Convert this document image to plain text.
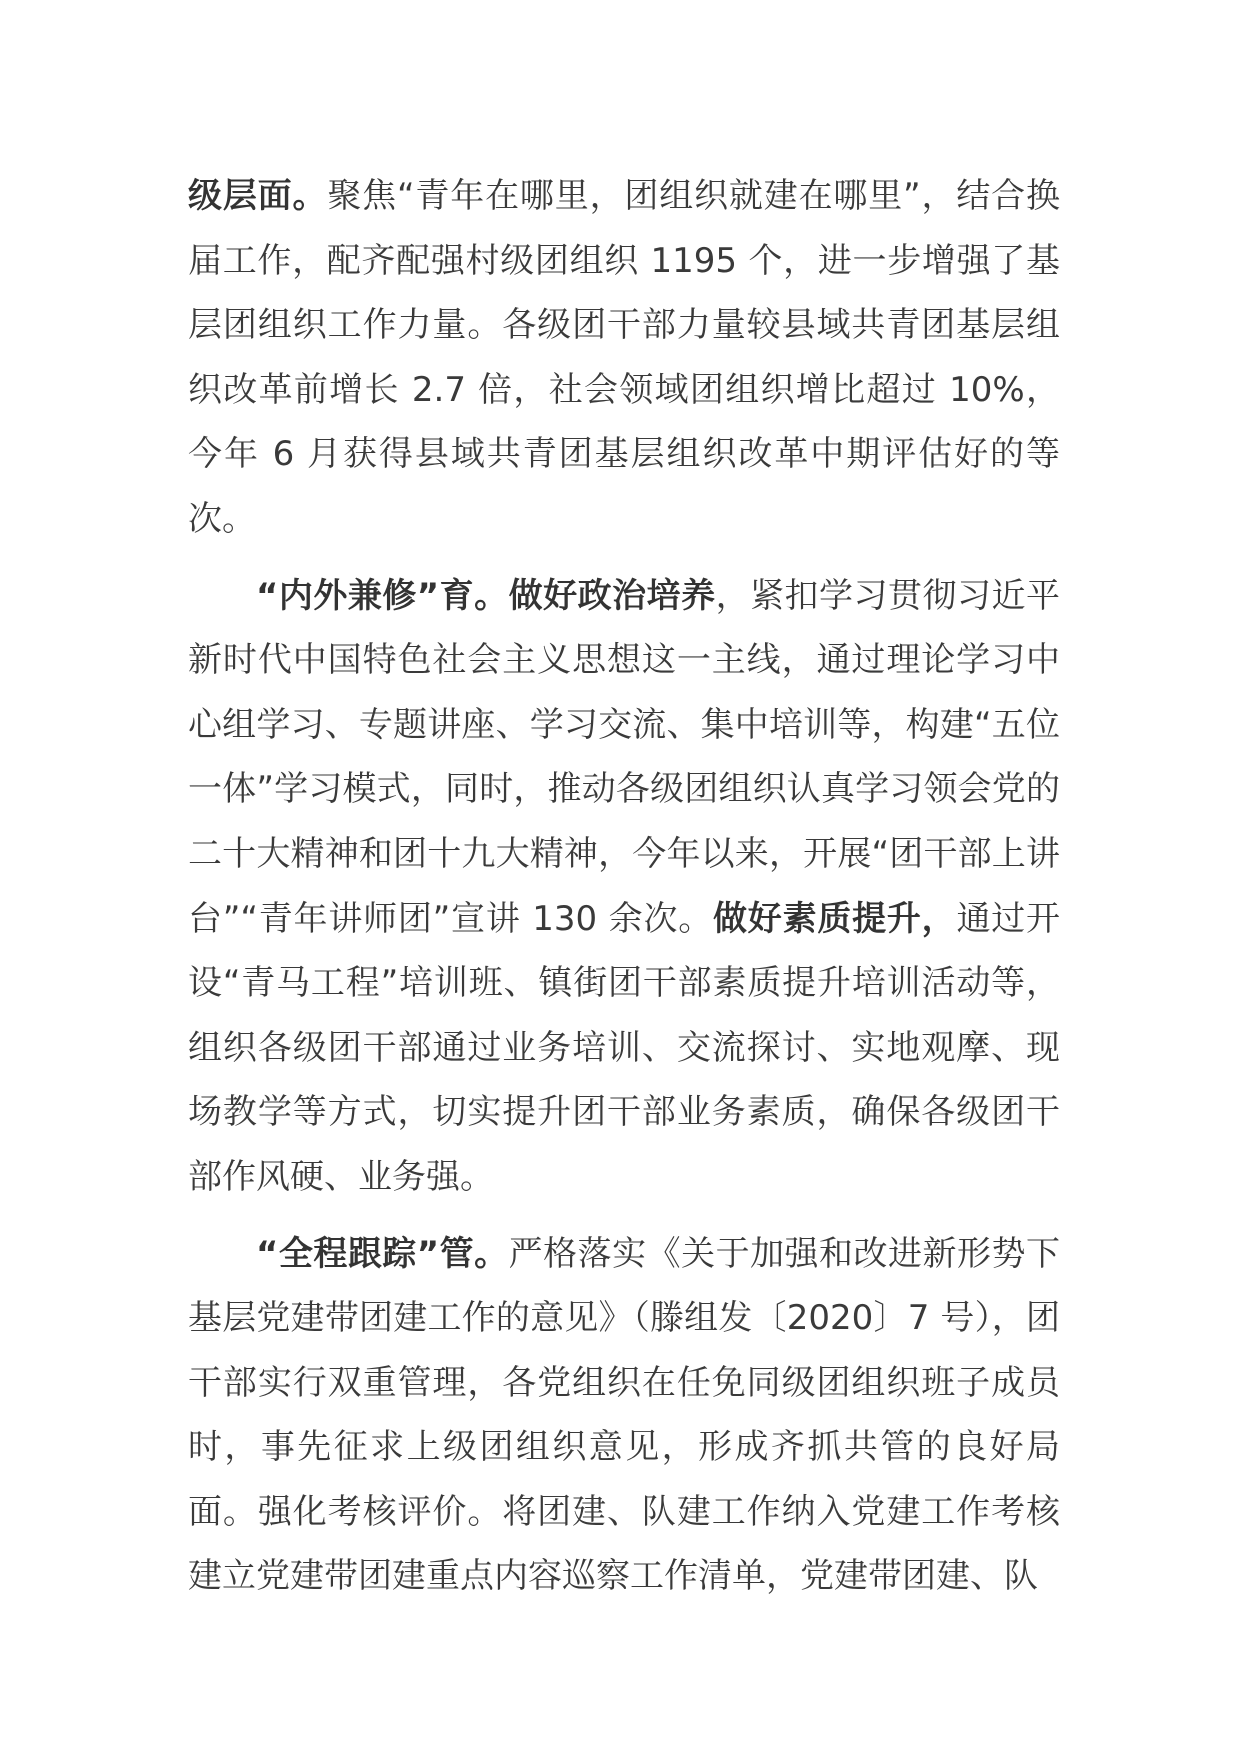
级层面。聚焦“青年在哪里，团组织就建在哪里”，结合换届工作，配齐配强村级团组织 1195 个，进一步增强了基层团组织工作力量。各级团干部力量较县域共青团基层组织改革前增长 2.7 倍，社会领域团组织增比超过 10%，今年 6 月获得县域共青团基层组织改革中期评估好的等次。

“内外兼修”育。做好政治培养，紧扣学习贯彻习近平新时代中国特色社会主义思想这一主线，通过理论学习中心组学习、专题讲座、学习交流、集中培训等，构建“五位一体”学习模式，同时，推动各级团组织认真学习领会党的二十大精神和团十九大精神，今年以来，开展“团干部上讲台”“青年讲师团”宣讲 130 余次。做好素质提升，通过开设“青马工程”培训班、镇街团干部素质提升培训活动等，组织各级团干部通过业务培训、交流探讨、实地观摩、现场教学等方式，切实提升团干部业务素质，确保各级团干部作风硬、业务强。

“全程跟踪”管。严格落实《关于加强和改进新形势下基层党建带团建工作的意见》（滕组发〔2020〕7 号），团干部实行双重管理，各党组织在任免同级团组织班子成员时，事先征求上级团组织意见，形成齐抓共管的良好局面。强化考核评价。将团建、队建工作纳入党建工作考核建立党建带团建重点内容巡察工作清单，党建带团建、队
